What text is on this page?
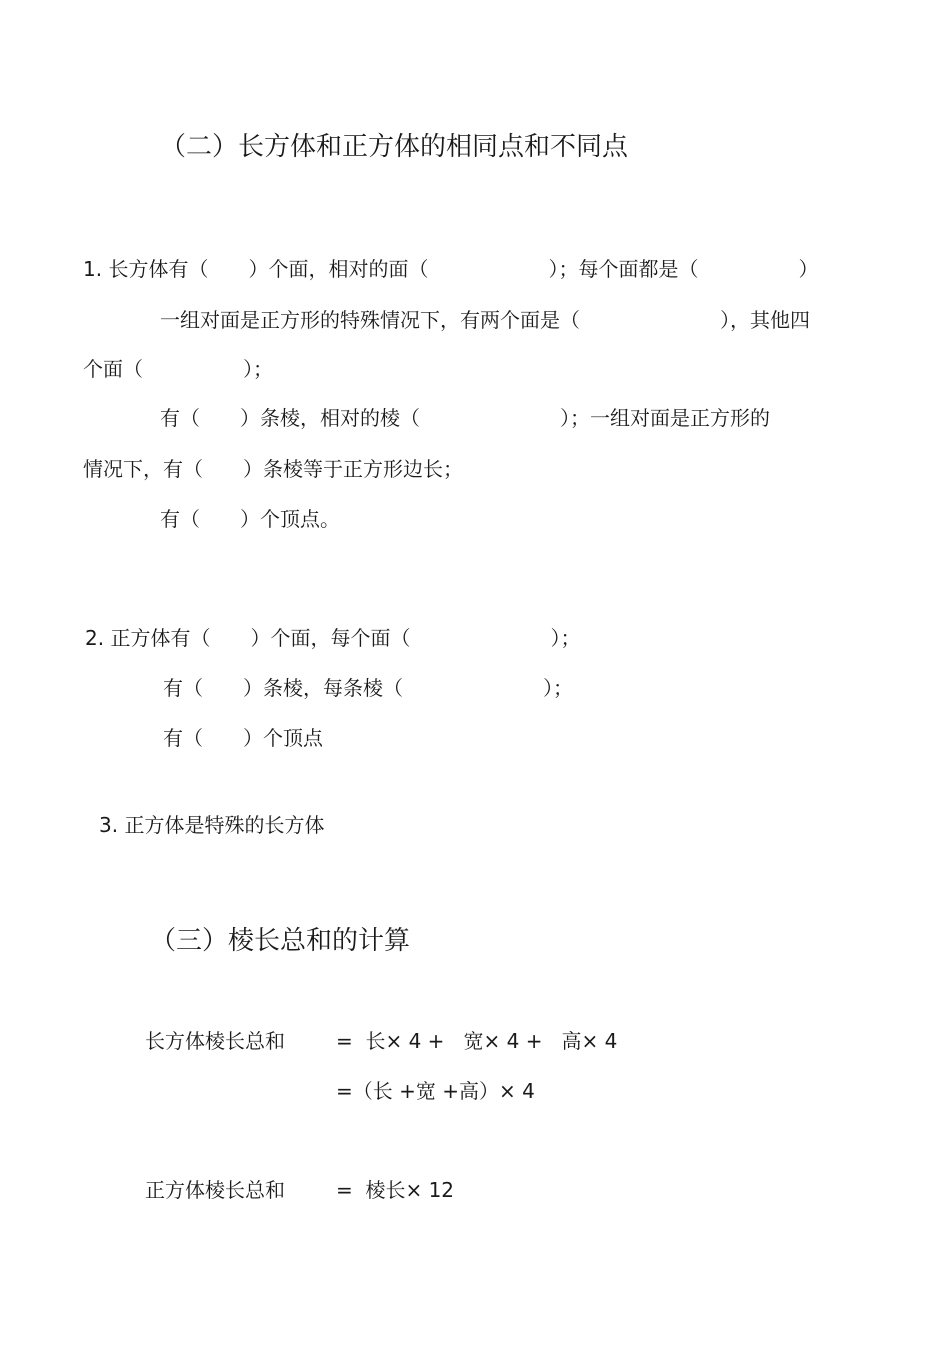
（二）长方体和正方体的相同点和不同点
1. 长方体有（　　）个面，相对的面（　　　　　　）；每个面都是（　　　　　）
一组对面是正方形的特殊情况下，有两个面是（　　　　　　　），其他四
个面（　　　　　）；
有（　　）条棱，相对的棱（　　　　　　　）；一组对面是正方形的
情况下，有（　　）条棱等于正方形边长；
有（　　）个顶点。
2. 正方体有（　　）个面，每个面（　　　　　　　）；
有（　　）条棱，每条棱（　　　　　　　）；
有（　　）个顶点
3. 正方体是特殊的长方体
（三）棱长总和的计算
长方体棱长总和	=  长× 4 +   宽× 4 +   高× 4
=（长 +宽 +高）× 4
正方体棱长总和	=  棱长× 12
